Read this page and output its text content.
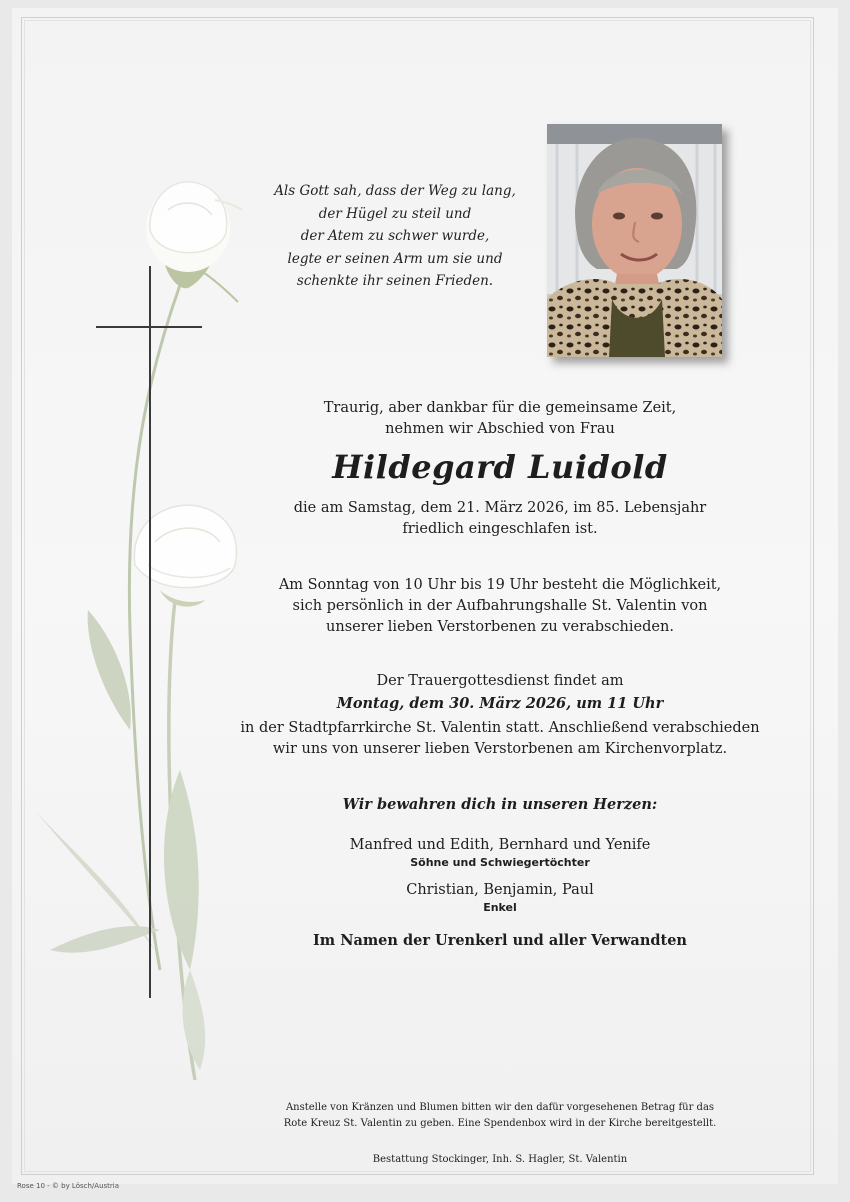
Als Gott sah, dass der Weg zu lang,
der Hügel zu steil und
der Atem zu schwer wurde,
legte er seinen Arm um sie und
schenkte ihr seinen Frieden.
Traurig, aber dankbar für die gemeinsame Zeit,
nehmen wir Abschied von Frau
Hildegard Luidold
die am Samstag, dem 21. März 2026, im 85. Lebensjahr
friedlich eingeschlafen ist.
Am Sonntag von 10 Uhr bis 19 Uhr besteht die Möglichkeit,
sich persönlich in der Aufbahrungshalle St. Valentin von
unserer lieben Verstorbenen zu verabschieden.
Der Trauergottesdienst findet am
Montag, dem 30. März 2026, um 11 Uhr
in der Stadtpfarrkirche St. Valentin statt. Anschließend verabschieden
wir uns von unserer lieben Verstorbenen am Kirchenvorplatz.
Wir bewahren dich in unseren Herzen:
Manfred und Edith, Bernhard und Yenife
Söhne und Schwiegertöchter
Christian, Benjamin, Paul
Enkel
Im Namen der Urenkerl und aller Verwandten
Anstelle von Kränzen und Blumen bitten wir den dafür vorgesehenen Betrag für das
Rote Kreuz St. Valentin zu geben. Eine Spendenbox wird in der Kirche bereitgestellt.
Bestattung Stockinger, Inh. S. Hagler, St. Valentin
Rose 10 - © by Lösch/Austria
